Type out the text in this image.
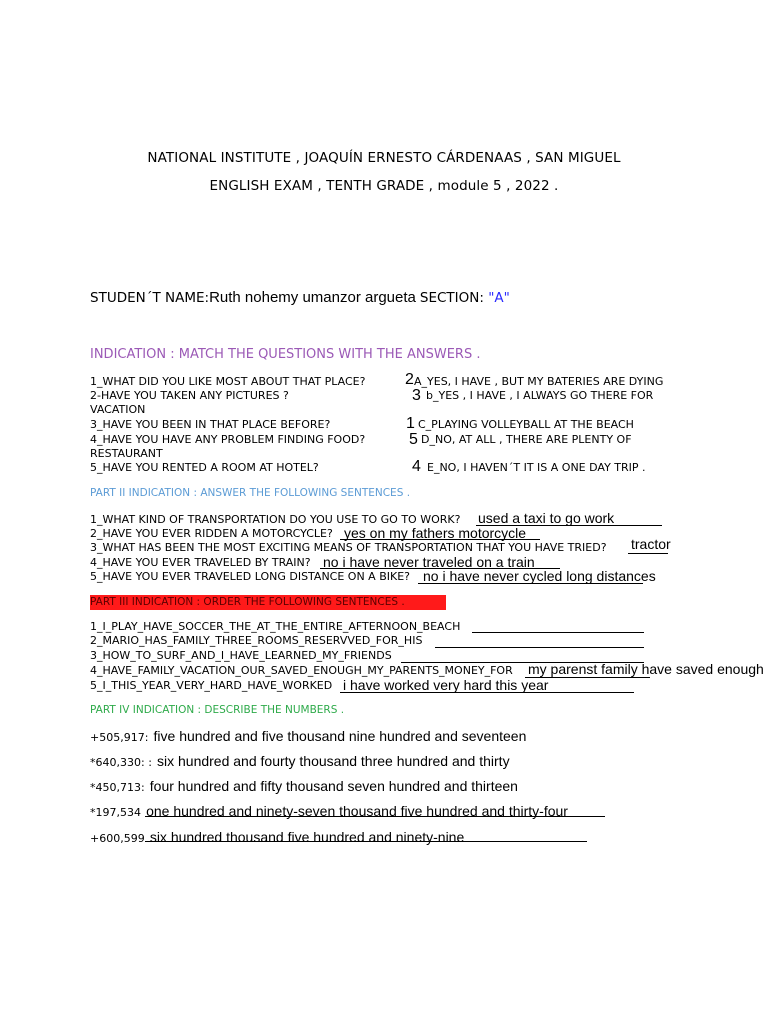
NATIONAL INSTITUTE , JOAQUÍN ERNESTO CÁRDENAAS , SAN MIGUEL
ENGLISH EXAM , TENTH GRADE , module 5 , 2022 .
STUDEN´T NAME:Ruth nohemy umanzor argueta SECTION: "A"
INDICATION : MATCH THE QUESTIONS WITH THE ANSWERS .
1_WHAT DID YOU LIKE MOST ABOUT THAT PLACE?
2-HAVE YOU TAKEN ANY PICTURES ?
VACATION
3_HAVE YOU BEEN IN THAT PLACE BEFORE?
4_HAVE YOU HAVE ANY PROBLEM FINDING FOOD?
RESTAURANT
5_HAVE YOU RENTED A ROOM AT HOTEL?
2 A_YES, I HAVE , BUT MY BATERIES ARE DYING
3 b_YES , I HAVE , I ALWAYS GO THERE FOR
1 C_PLAYING VOLLEYBALL AT THE BEACH
5 D_NO, AT ALL , THERE ARE PLENTY OF
4 E_NO, I HAVEN´T IT IS A ONE DAY TRIP .
PART II INDICATION : ANSWER THE FOLLOWING SENTENCES .
1_WHAT KIND OF TRANSPORTATION DO YOU USE TO GO TO WORK?
2_HAVE YOU EVER RIDDEN A MOTORCYCLE?
3_WHAT HAS BEEN THE MOST EXCITING MEANS OF TRANSPORTATION THAT YOU HAVE TRIED?
4_HAVE YOU EVER TRAVELED BY TRAIN?
5_HAVE YOU EVER TRAVELED LONG DISTANCE ON A BIKE?
used a taxi to go work
yes on my fathers motorcycle
tractor
no i have never traveled on a train
no i have never cycled long distances
PART III INDICATION : ORDER THE FOLLOWING SENTENCES .
1_I_PLAY_HAVE_SOCCER_THE_AT_THE_ENTIRE_AFTERNOON_BEACH
2_MARIO_HAS_FAMILY_THREE_ROOMS_RESERVVED_FOR_HIS
3_HOW_TO_SURF_AND_I_HAVE_LEARNED_MY_FRIENDS
4_HAVE_FAMILY_VACATION_OUR_SAVED_ENOUGH_MY_PARENTS_MONEY_FOR
5_I_THIS_YEAR_VERY_HARD_HAVE_WORKED
my parenst family have saved enough
i have worked very hard this year
PART IV INDICATION : DESCRIBE THE NUMBERS .
+505,917: five hundred and five thousand nine hundred and seventeen
*640,330: : six hundred and fourty thousand three hundred and thirty
*450,713: four hundred and fifty thousand seven hundred and thirteen
*197,534 one hundred and ninety-seven thousand five hundred and thirty-four
+600,599 six hundred thousand five hundred and ninety-nine
